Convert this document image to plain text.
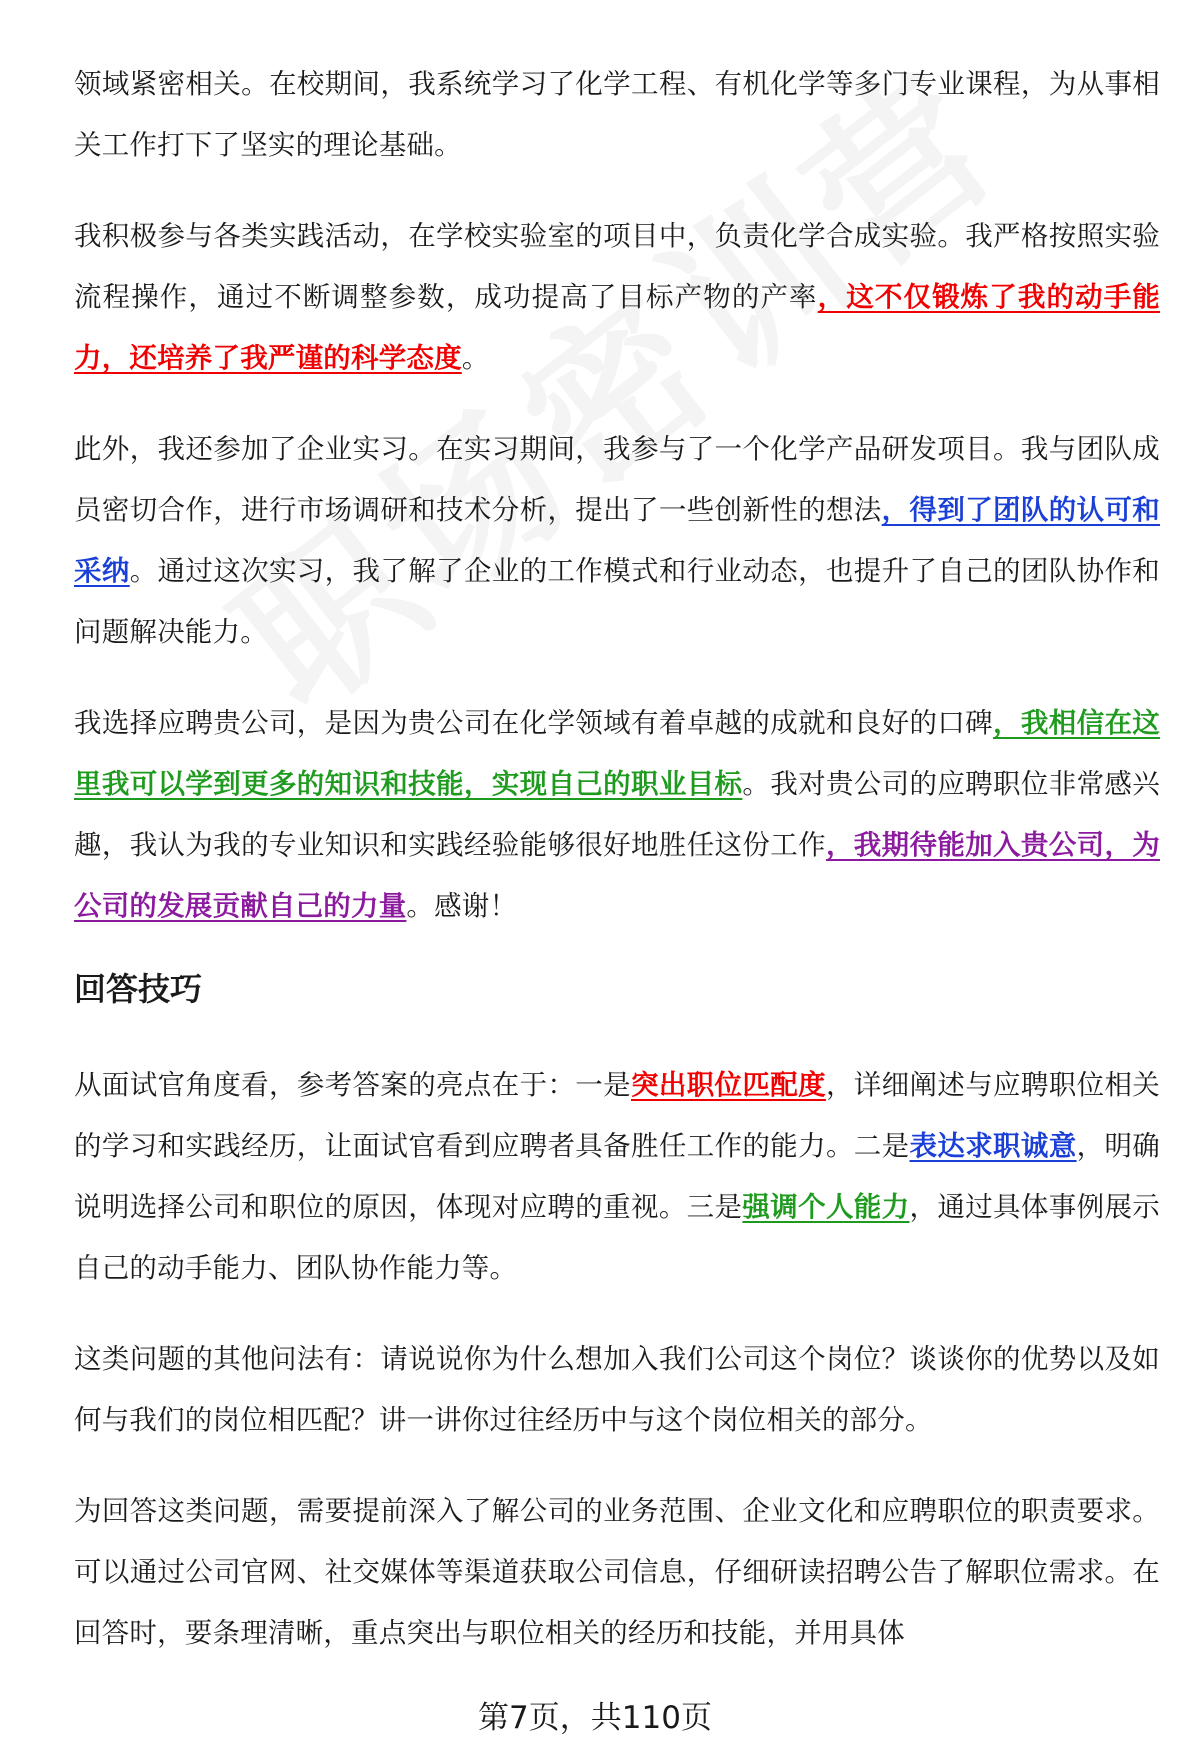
领域紧密相关。在校期间，我系统学习了化学工程、有机化学等多门专业课程，为从事相关工作打下了坚实的理论基础。

我积极参与各类实践活动，在学校实验室的项目中，负责化学合成实验。我严格按照实验流程操作，通过不断调整参数，成功提高了目标产物的产率，这不仅锻炼了我的动手能力，还培养了我严谨的科学态度。

此外，我还参加了企业实习。在实习期间，我参与了一个化学产品研发项目。我与团队成员密切合作，进行市场调研和技术分析，提出了一些创新性的想法，得到了团队的认可和采纳。通过这次实习，我了解了企业的工作模式和行业动态，也提升了自己的团队协作和问题解决能力。

我选择应聘贵公司，是因为贵公司在化学领域有着卓越的成就和良好的口碑，我相信在这里我可以学到更多的知识和技能，实现自己的职业目标。我对贵公司的应聘职位非常感兴趣，我认为我的专业知识和实践经验能够很好地胜任这份工作，我期待能加入贵公司，为公司的发展贡献自己的力量。感谢！

回答技巧

从面试官角度看，参考答案的亮点在于：一是突出职位匹配度，详细阐述与应聘职位相关的学习和实践经历，让面试官看到应聘者具备胜任工作的能力。二是表达求职诚意，明确说明选择公司和职位的原因，体现对应聘的重视。三是强调个人能力，通过具体事例展示自己的动手能力、团队协作能力等。

这类问题的其他问法有：请说说你为什么想加入我们公司这个岗位？谈谈你的优势以及如何与我们的岗位相匹配？讲一讲你过往经历中与这个岗位相关的部分。

为回答这类问题，需要提前深入了解公司的业务范围、企业文化和应聘职位的职责要求。可以通过公司官网、社交媒体等渠道获取公司信息，仔细研读招聘公告了解职位需求。在回答时，要条理清晰，重点突出与职位相关的经历和技能，并用具体

第7页，共110页
